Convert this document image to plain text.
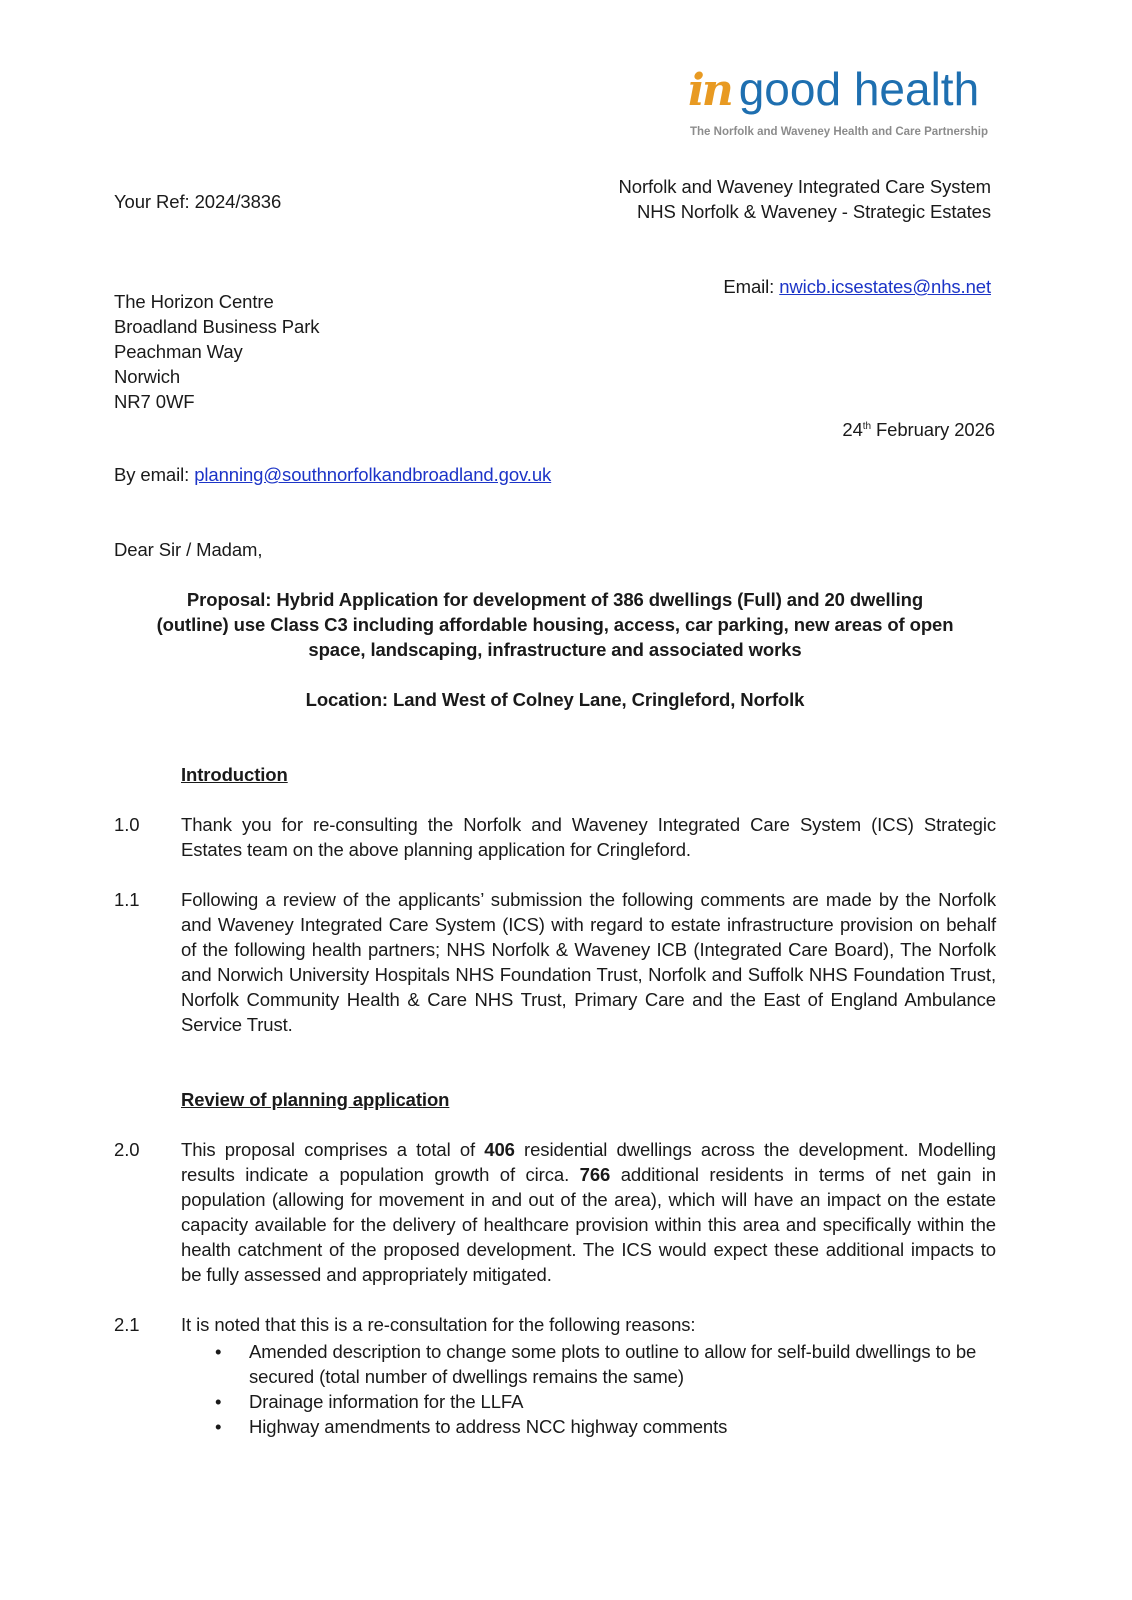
in good health
The Norfolk and Waveney Health and Care Partnership
Your Ref: 2024/3836
Norfolk and Waveney Integrated Care System
NHS Norfolk & Waveney - Strategic Estates
Email: nwicb.icsestates@nhs.net
The Horizon Centre
Broadland Business Park
Peachman Way
Norwich
NR7 0WF
24th February 2026
By email: planning@southnorfolkandbroadland.gov.uk
Dear Sir / Madam,
Proposal: Hybrid Application for development of 386 dwellings (Full) and 20 dwelling
(outline) use Class C3 including affordable housing, access, car parking, new areas of open
space, landscaping, infrastructure and associated works
Location: Land West of Colney Lane, Cringleford, Norfolk
Introduction
1.0	Thank you for re-consulting the Norfolk and Waveney Integrated Care System (ICS) Strategic Estates team on the above planning application for Cringleford.
1.1	Following a review of the applicants’ submission the following comments are made by the Norfolk and Waveney Integrated Care System (ICS) with regard to estate infrastructure provision on behalf of the following health partners; NHS Norfolk & Waveney ICB (Integrated Care Board), The Norfolk and Norwich University Hospitals NHS Foundation Trust, Norfolk and Suffolk NHS Foundation Trust, Norfolk Community Health & Care NHS Trust, Primary Care and the East of England Ambulance Service Trust.
Review of planning application
2.0	This proposal comprises a total of 406 residential dwellings across the development. Modelling results indicate a population growth of circa. 766 additional residents in terms of net gain in population (allowing for movement in and out of the area), which will have an impact on the estate capacity available for the delivery of healthcare provision within this area and specifically within the health catchment of the proposed development. The ICS would expect these additional impacts to be fully assessed and appropriately mitigated.
2.1	It is noted that this is a re-consultation for the following reasons:
• Amended description to change some plots to outline to allow for self-build dwellings to be secured (total number of dwellings remains the same)
• Drainage information for the LLFA
• Highway amendments to address NCC highway comments
